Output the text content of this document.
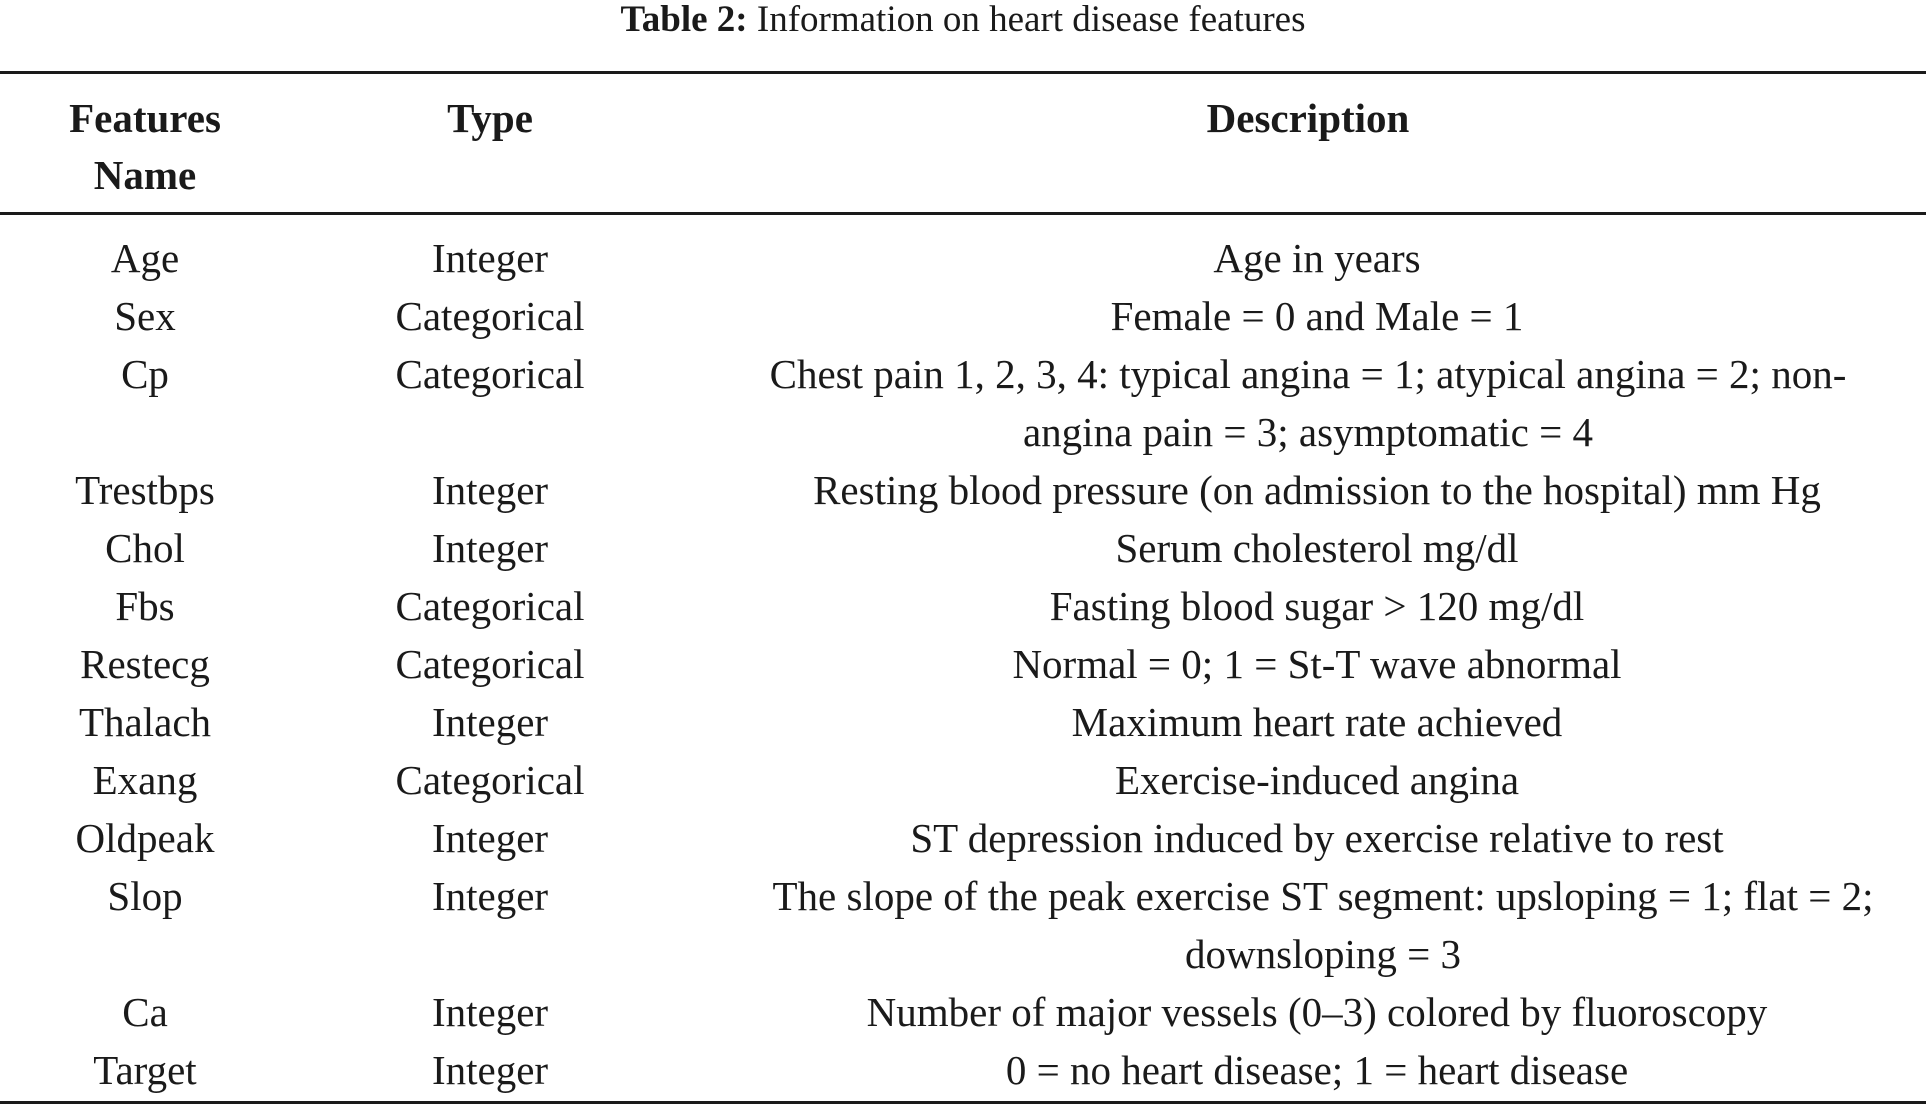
Table 2: Information on heart disease features
Features Name	Type	Description
Age	Integer	Age in years
Sex	Categorical	Female = 0 and Male = 1
Cp	Categorical	Chest pain 1, 2, 3, 4: typical angina = 1; atypical angina = 2; non-angina pain = 3; asymptomatic = 4
Trestbps	Integer	Resting blood pressure (on admission to the hospital) mm Hg
Chol	Integer	Serum cholesterol mg/dl
Fbs	Categorical	Fasting blood sugar > 120 mg/dl
Restecg	Categorical	Normal = 0; 1 = St-T wave abnormal
Thalach	Integer	Maximum heart rate achieved
Exang	Categorical	Exercise-induced angina
Oldpeak	Integer	ST depression induced by exercise relative to rest
Slop	Integer	The slope of the peak exercise ST segment: upsloping = 1; flat = 2; downsloping = 3
Ca	Integer	Number of major vessels (0–3) colored by fluoroscopy
Target	Integer	0 = no heart disease; 1 = heart disease
